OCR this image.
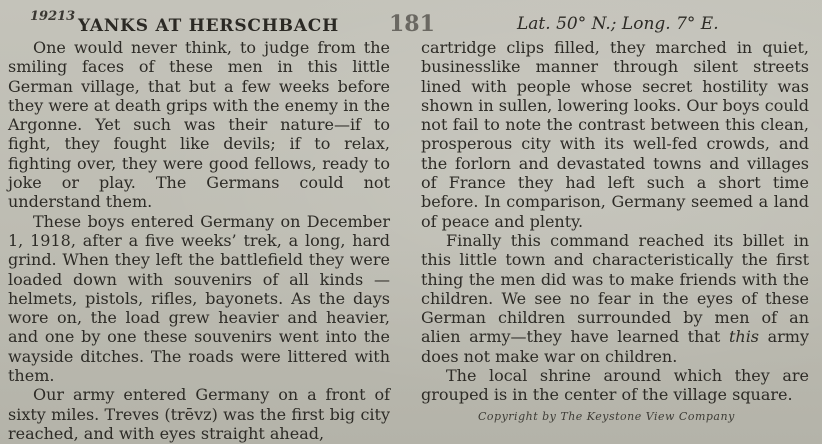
19213 YANKS AT HERSCHBACH 181	Lat. 50° N.; Long. 7° E.

One would never think, to judge from the smiling faces of these men in this little German village, that but a few weeks before they were at death grips with the enemy in the Argonne. Yet such was their nature—if to fight, they fought like devils; if to relax, fighting over, they were good fellows, ready to joke or play. The Germans could not understand them.

These boys entered Germany on December 1, 1918, after a five weeks’ trek, a long, hard grind. When they left the battlefield they were loaded down with souvenirs of all kinds —helmets, pistols, rifles, bayonets. As the days wore on, the load grew heavier and heavier, and one by one these souvenirs went into the wayside ditches. The roads were littered with them.

Our army entered Germany on a front of sixty miles. Treves (trēvz) was the first big city reached, and with eyes straight ahead,

cartridge clips filled, they marched in quiet, businesslike manner through silent streets lined with people whose secret hostility was shown in sullen, lowering looks. Our boys could not fail to note the contrast between this clean, prosperous city with its well-fed crowds, and the forlorn and devastated towns and villages of France they had left such a short time before. In comparison, Germany seemed a land of peace and plenty.

Finally this command reached its billet in this little town and characteristically the first thing the men did was to make friends with the children. We see no fear in the eyes of these German children surrounded by men of an alien army—they have learned that this army does not make war on children.

The local shrine around which they are grouped is in the center of the village square.

Copyright by The Keystone View Company
